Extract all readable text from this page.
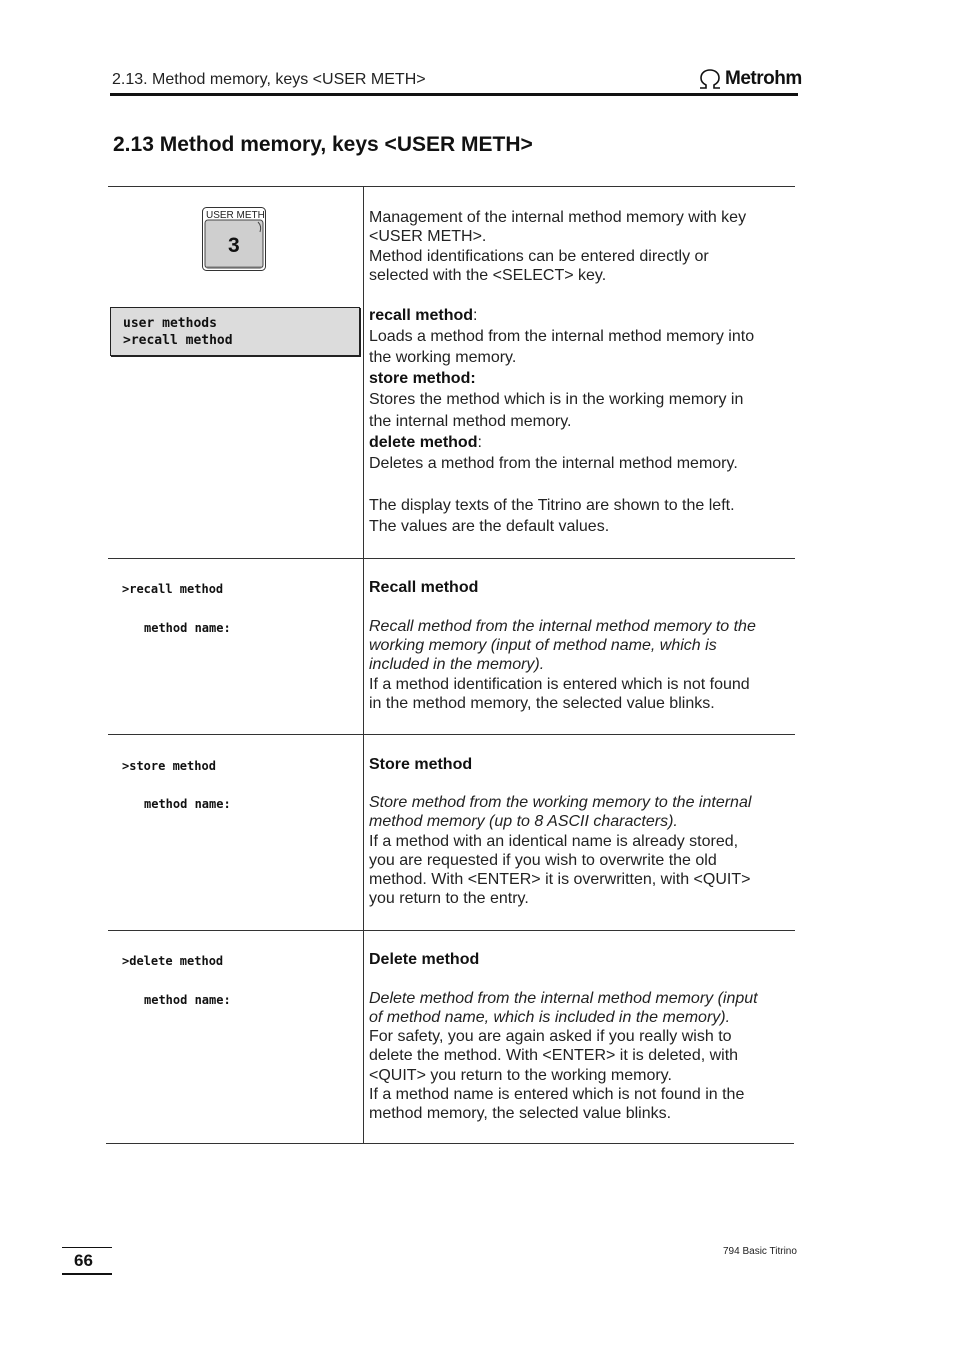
2.13. Method memory, keys <USER METH>	Metrohm
2.13 Method memory, keys <USER METH>
USER METH
3
user methods
>recall method
Management of the internal method memory with key
<USER METH>.
Method identifications can be entered directly or
selected with the <SELECT> key.
recall method:
Loads a method from the internal method memory into
the working memory.
store method:
Stores the method which is in the working memory in
the internal method memory.
delete method:
Deletes a method from the internal method memory.
The display texts of the Titrino are shown to the left.
The values are the default values.
>recall method
method name:
Recall method
Recall method from the internal method memory to the
working memory (input of method name, which is
included in the memory).
If a method identification is entered which is not found
in the method memory, the selected value blinks.
>store method
method name:
Store method
Store method from the working memory to the internal
method memory (up to 8 ASCII characters).
If a method with an identical name is already stored,
you are requested if you wish to overwrite the old
method. With <ENTER> it is overwritten, with <QUIT>
you return to the entry.
>delete method
method name:
Delete method
Delete method from the internal method memory (input
of method name, which is included in the memory).
For safety, you are again asked if you really wish to
delete the method. With <ENTER> it is deleted, with
<QUIT> you return to the working memory.
If a method name is entered which is not found in the
method memory, the selected value blinks.
66	794 Basic Titrino
